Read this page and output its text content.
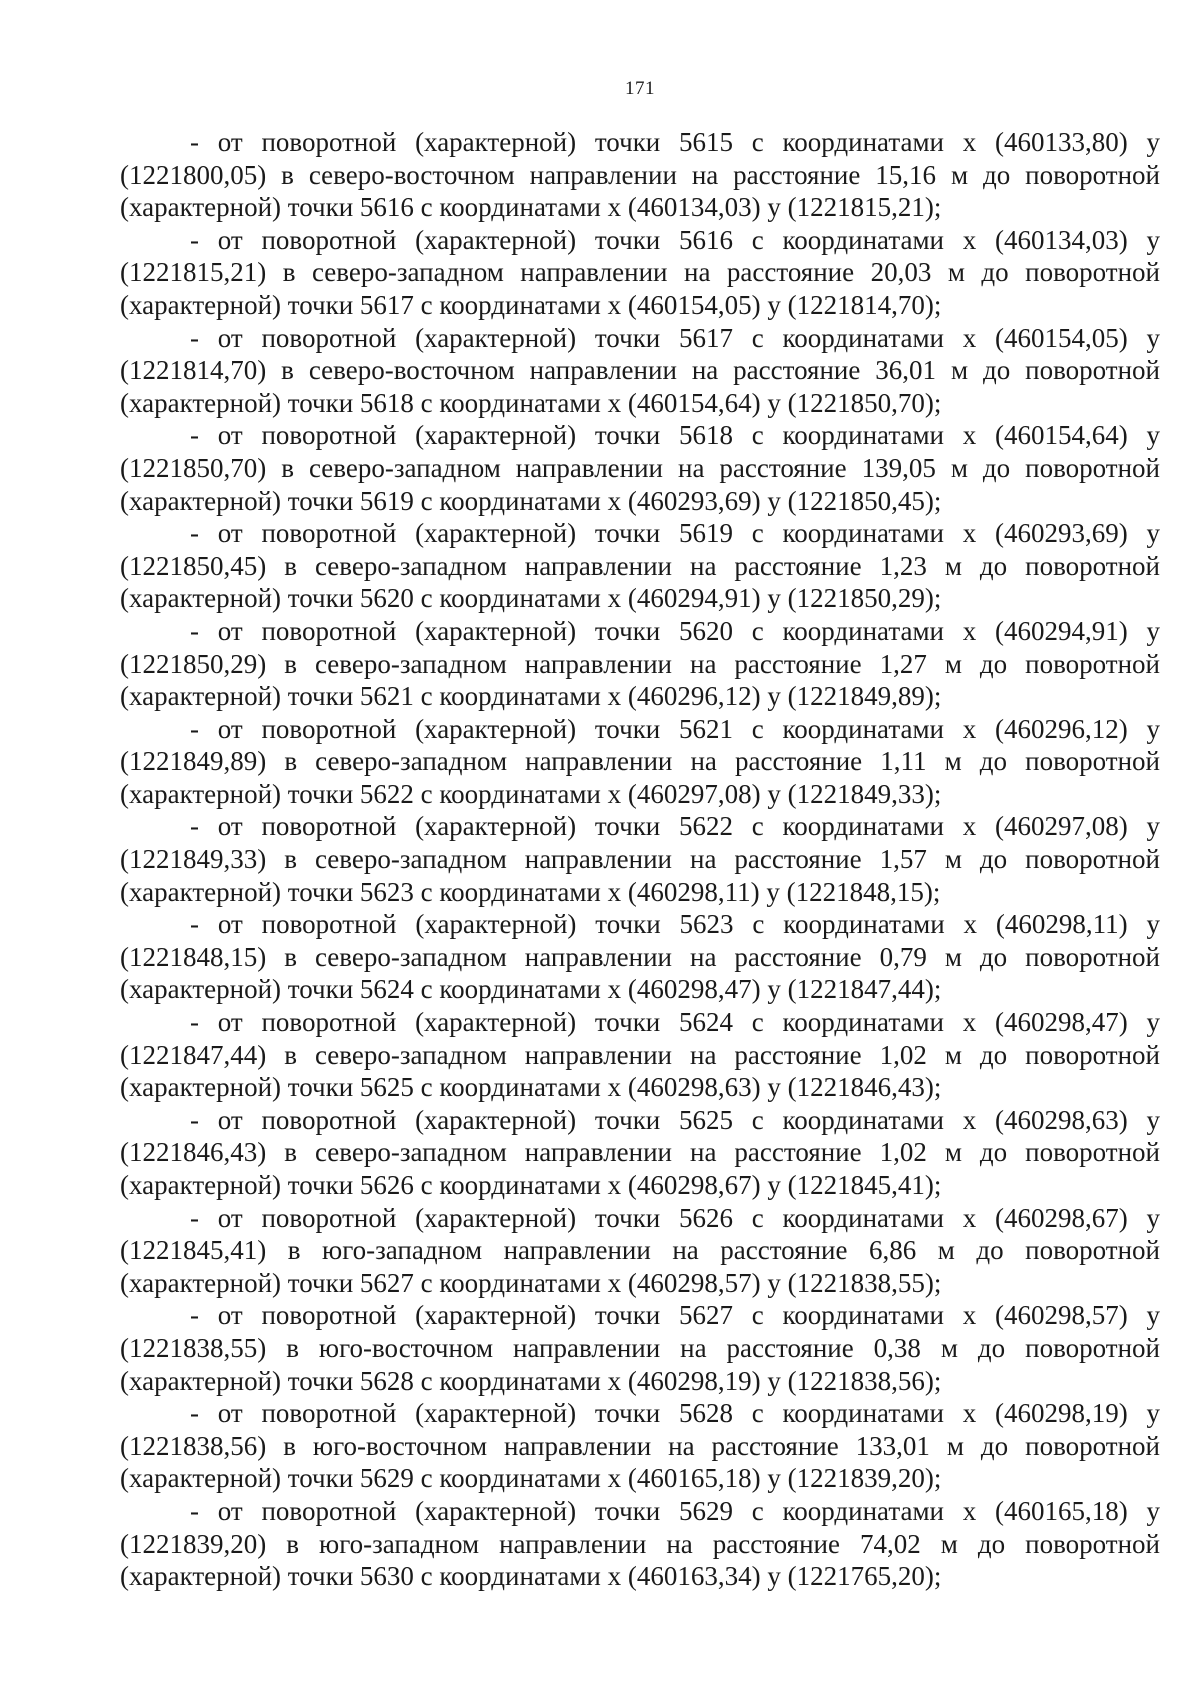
171

- от поворотной (характерной) точки 5615 с координатами х (460133,80) у (1221800,05) в северо-восточном направлении на расстояние 15,16 м до поворотной (характерной) точки 5616 с координатами х (460134,03) у (1221815,21);

- от поворотной (характерной) точки 5616 с координатами х (460134,03) у (1221815,21) в северо-западном направлении на расстояние 20,03 м до поворотной (характерной) точки 5617 с координатами х (460154,05) у (1221814,70);

- от поворотной (характерной) точки 5617 с координатами х (460154,05) у (1221814,70) в северо-восточном направлении на расстояние 36,01 м до поворотной (характерной) точки 5618 с координатами х (460154,64) у (1221850,70);

- от поворотной (характерной) точки 5618 с координатами х (460154,64) у (1221850,70) в северо-западном направлении на расстояние 139,05 м до поворотной (характерной) точки 5619 с координатами х (460293,69) у (1221850,45);

- от поворотной (характерной) точки 5619 с координатами х (460293,69) у (1221850,45) в северо-западном направлении на расстояние 1,23 м до поворотной (характерной) точки 5620 с координатами х (460294,91) у (1221850,29);

- от поворотной (характерной) точки 5620 с координатами х (460294,91) у (1221850,29) в северо-западном направлении на расстояние 1,27 м до поворотной (характерной) точки 5621 с координатами х (460296,12) у (1221849,89);

- от поворотной (характерной) точки 5621 с координатами х (460296,12) у (1221849,89) в северо-западном направлении на расстояние 1,11 м до поворотной (характерной) точки 5622 с координатами х (460297,08) у (1221849,33);

- от поворотной (характерной) точки 5622 с координатами х (460297,08) у (1221849,33) в северо-западном направлении на расстояние 1,57 м до поворотной (характерной) точки 5623 с координатами х (460298,11) у (1221848,15);

- от поворотной (характерной) точки 5623 с координатами х (460298,11) у (1221848,15) в северо-западном направлении на расстояние 0,79 м до поворотной (характерной) точки 5624 с координатами х (460298,47) у (1221847,44);

- от поворотной (характерной) точки 5624 с координатами х (460298,47) у (1221847,44) в северо-западном направлении на расстояние 1,02 м до поворотной (характерной) точки 5625 с координатами х (460298,63) у (1221846,43);

- от поворотной (характерной) точки 5625 с координатами х (460298,63) у (1221846,43) в северо-западном направлении на расстояние 1,02 м до поворотной (характерной) точки 5626 с координатами х (460298,67) у (1221845,41);

- от поворотной (характерной) точки 5626 с координатами х (460298,67) у (1221845,41) в юго-западном направлении на расстояние 6,86 м до поворотной (характерной) точки 5627 с координатами х (460298,57) у (1221838,55);

- от поворотной (характерной) точки 5627 с координатами х (460298,57) у (1221838,55) в юго-восточном направлении на расстояние 0,38 м до поворотной (характерной) точки 5628 с координатами х (460298,19) у (1221838,56);

- от поворотной (характерной) точки 5628 с координатами х (460298,19) у (1221838,56) в юго-восточном направлении на расстояние 133,01 м до поворотной (характерной) точки 5629 с координатами х (460165,18) у (1221839,20);

- от поворотной (характерной) точки 5629 с координатами х (460165,18) у (1221839,20) в юго-западном направлении на расстояние 74,02 м до поворотной (характерной) точки 5630 с координатами х (460163,34) у (1221765,20);
